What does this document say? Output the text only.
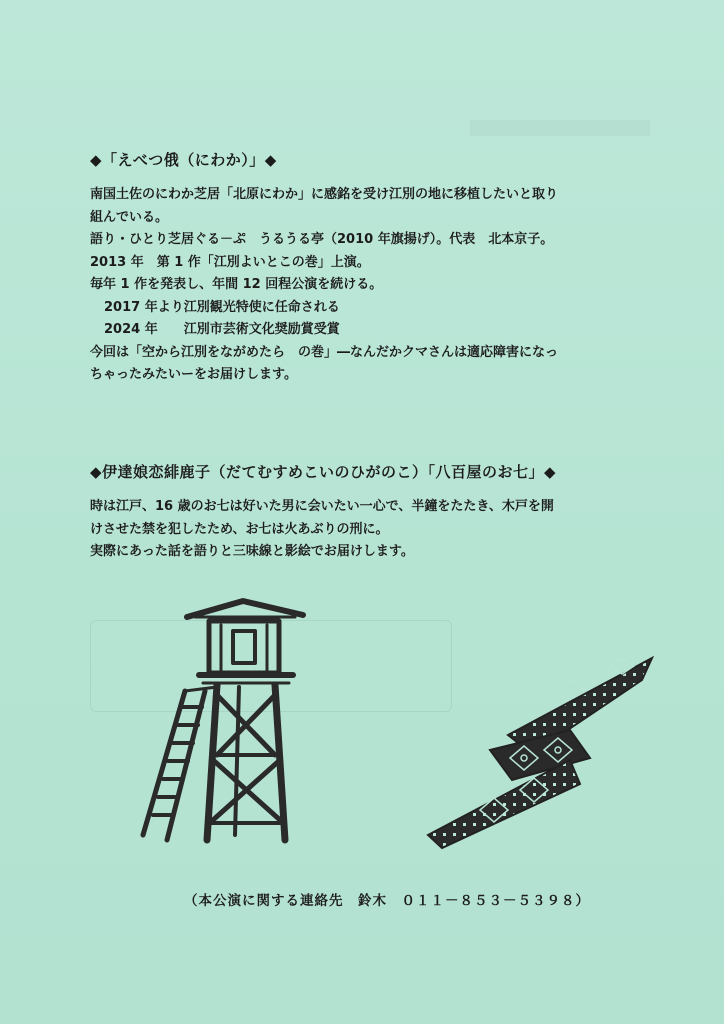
◆「えべつ俄（にわか）」◆

南国土佐のにわか芝居「北原にわか」に感銘を受け江別の地に移植したいと取り

組んでいる。

語り・ひとり芝居ぐる－ぷ　うるうる亭（2010 年旗揚げ）。代表　北本京子。

2013 年　第 1 作「江別よいとこの巻」上演。

毎年 1 作を発表し、年間 12 回程公演を続ける。

2017 年より江別観光特使に任命される

2024 年　　江別市芸術文化奨励賞受賞

今回は「空から江別をながめたら　の巻」―なんだかクマさんは適応障害になっ

ちゃったみたいーをお届けします。

◆伊達娘恋緋鹿子（だてむすめこいのひがのこ）「八百屋のお七」◆

時は江戸、16 歳のお七は好いた男に会いたい一心で、半鐘をたたき、木戸を開

けさせた禁を犯したため、お七は火あぶりの刑に。

実際にあった話を語りと三味線と影絵でお届けします。

（本公演に関する連絡先　鈴木　０１１－８５３－５３９８）
